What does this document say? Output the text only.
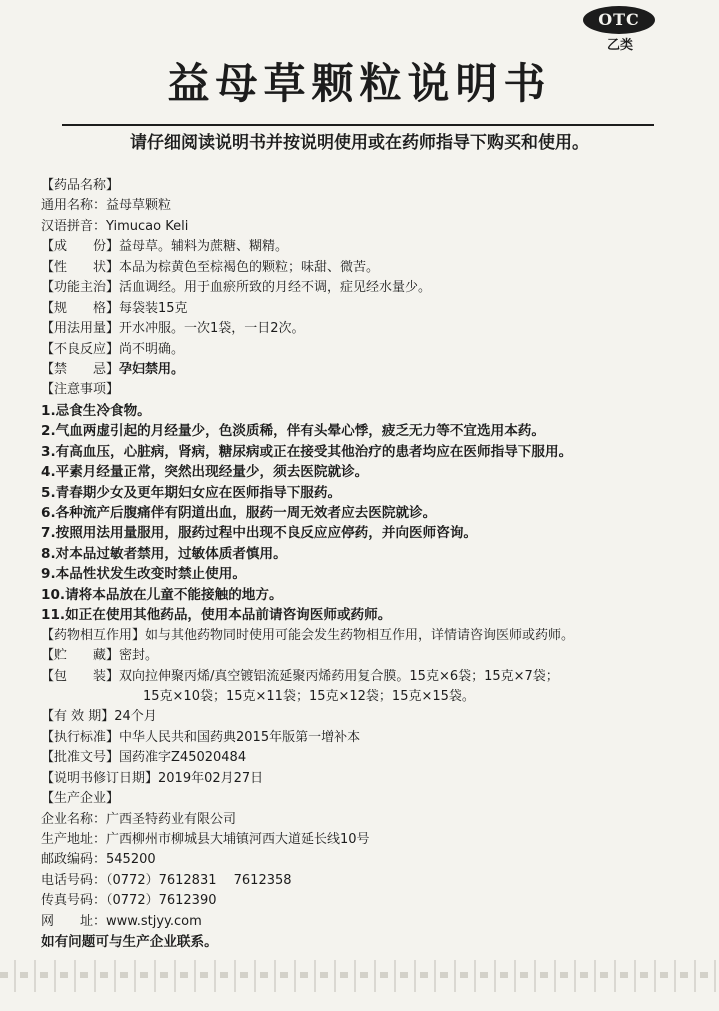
OTC
乙类
益母草颗粒说明书
请仔细阅读说明书并按说明使用或在药师指导下购买和使用。
【药品名称】
通用名称：益母草颗粒
汉语拼音：Yimucao Keli
【成　　份】益母草。辅料为蔗糖、糊精。
【性　　状】本品为棕黄色至棕褐色的颗粒；味甜、微苦。
【功能主治】活血调经。用于血瘀所致的月经不调，症见经水量少。
【规　　格】每袋装15克
【用法用量】开水冲服。一次1袋，一日2次。
【不良反应】尚不明确。
【禁　　忌】孕妇禁用。
【注意事项】
1.忌食生冷食物。
2.气血两虚引起的月经量少，色淡质稀，伴有头晕心悸，疲乏无力等不宜选用本药。
3.有高血压，心脏病，肾病，糖尿病或正在接受其他治疗的患者均应在医师指导下服用。
4.平素月经量正常，突然出现经量少，须去医院就诊。
5.青春期少女及更年期妇女应在医师指导下服药。
6.各种流产后腹痛伴有阴道出血，服药一周无效者应去医院就诊。
7.按照用法用量服用，服药过程中出现不良反应应停药，并向医师咨询。
8.对本品过敏者禁用，过敏体质者慎用。
9.本品性状发生改变时禁止使用。
10.请将本品放在儿童不能接触的地方。
11.如正在使用其他药品，使用本品前请咨询医师或药师。
【药物相互作用】如与其他药物同时使用可能会发生药物相互作用，详情请咨询医师或药师。
【贮　　藏】密封。
【包　　装】双向拉伸聚丙烯/真空镀铝流延聚丙烯药用复合膜。15克×6袋；15克×7袋；
15克×10袋；15克×11袋；15克×12袋；15克×15袋。
【有 效 期】24个月
【执行标准】中华人民共和国药典2015年版第一增补本
【批准文号】国药准字Z45020484
【说明书修订日期】2019年02月27日
【生产企业】
企业名称：广西圣特药业有限公司
生产地址：广西柳州市柳城县大埔镇河西大道延长线10号
邮政编码：545200
电话号码：（0772）7612831　 7612358
传真号码：（0772）7612390
网　　址：www.stjyy.com
如有问题可与生产企业联系。
